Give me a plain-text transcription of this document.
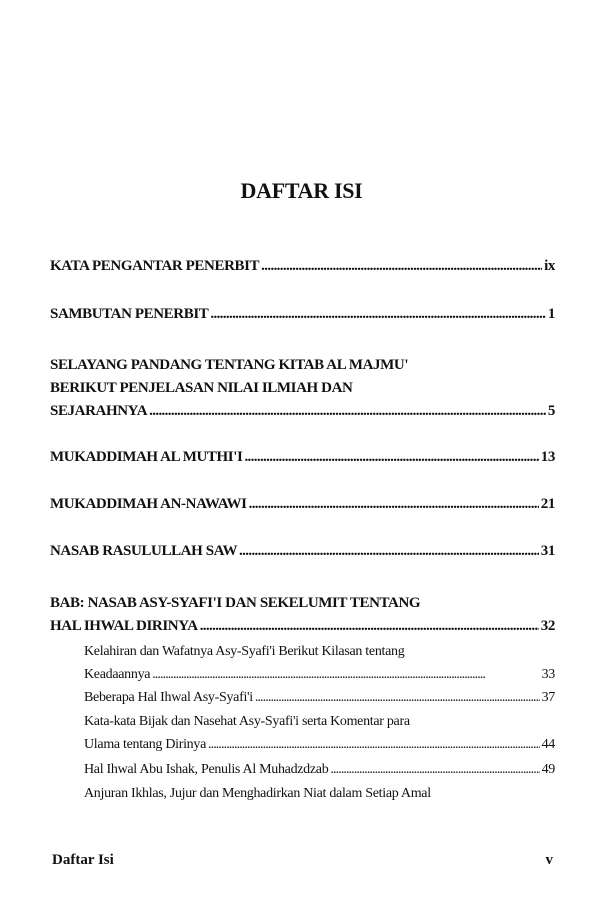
DAFTAR ISI
KATA PENGANTAR PENERBIT . . .	ix
SAMBUTAN PENERBIT . . .	1
SELAYANG PANDANG TENTANG KITAB AL MAJMU'
BERIKUT PENJELASAN NILAI ILMIAH DAN
SEJARAHNYA . . .	5
MUKADDIMAH AL MUTHI'I . . .	13
MUKADDIMAH AN-NAWAWI . . .	21
NASAB RASULULLAH SAW . . .	31
BAB: NASAB ASY-SYAFI'I DAN SEKELUMIT TENTANG
HAL IHWAL DIRINYA . . .	32
Kelahiran dan Wafatnya Asy-Syafi'i Berikut Kilasan tentang
Keadaannya . . .	33
Beberapa Hal Ihwal Asy-Syafi'i . . .	37
Kata-kata Bijak dan Nasehat Asy-Syafi'i serta Komentar para
Ulama tentang Dirinya . . .	44
Hal Ihwal Abu Ishak, Penulis Al Muhadzdzab . . .	49
Anjuran Ikhlas, Jujur dan Menghadirkan Niat dalam Setiap Amal
Daftar Isi	v
